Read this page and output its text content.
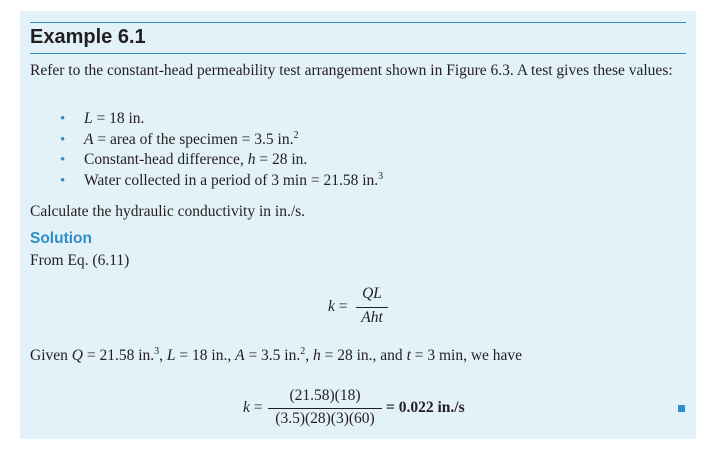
Example 6.1
Refer to the constant-head permeability test arrangement shown in Figure 6.3. A test gives these values:
• L = 18 in.
• A = area of the specimen = 3.5 in.$^2$
• Constant-head difference, h = 28 in.
• Water collected in a period of 3 min = 21.58 in.$^3$
Calculate the hydraulic conductivity in in./s.
Solution
From Eq. (6.11)
k =
QL
Aht
Given Q = 21.58 in.$^3$, L = 18 in., A = 3.5 in.$^2$, h = 28 in., and t = 3 min, we have
k =
(21.58)(18)
(3.5)(28)(3)(60)
= 0.022 in./s
